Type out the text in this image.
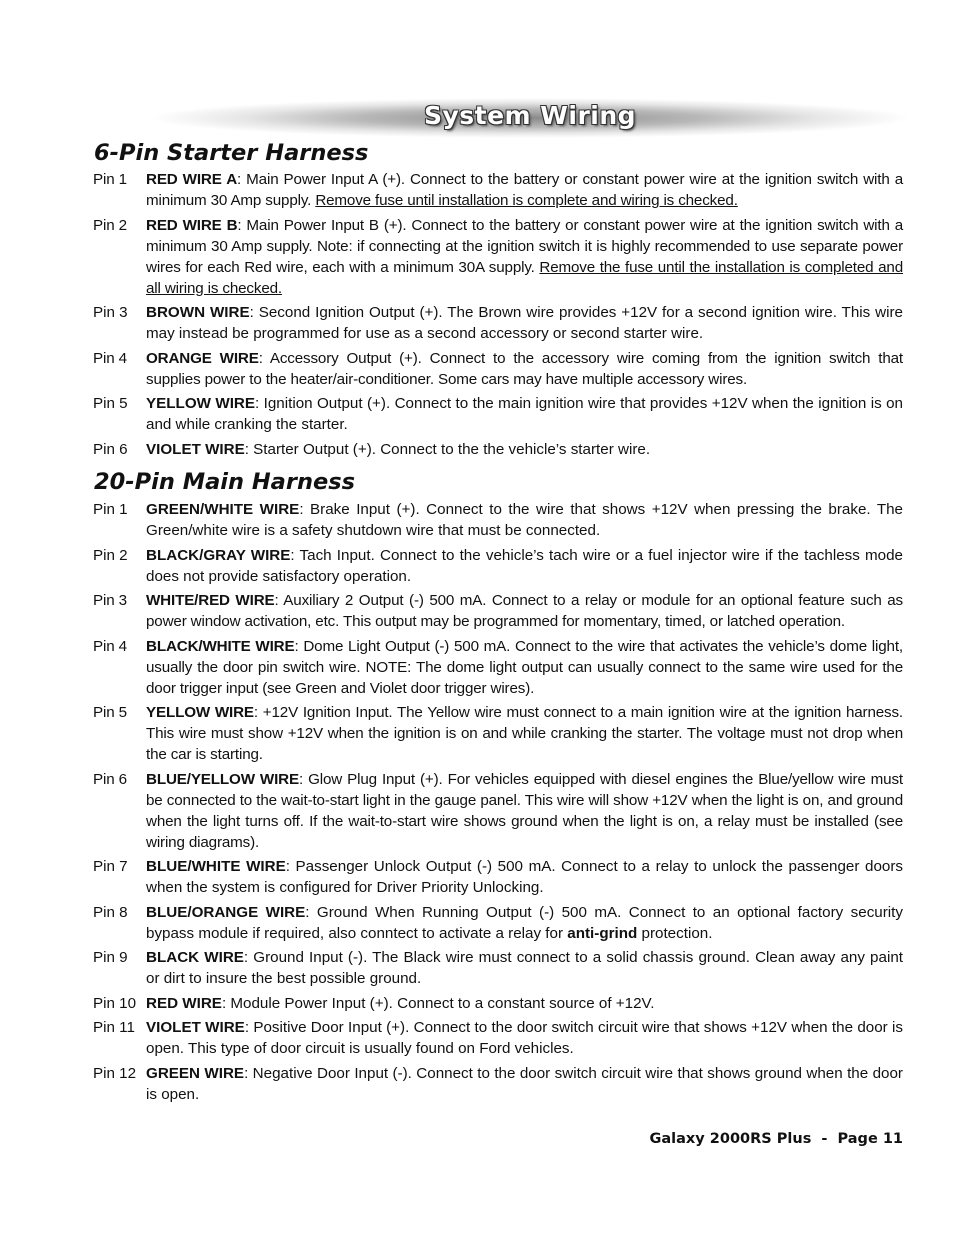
System Wiring
6-Pin Starter Harness
Pin 1	RED WIRE A: Main Power Input A (+). Connect to the battery or constant power wire at the ignition switch with a minimum 30 Amp supply. Remove fuse until installation is complete and wiring is checked.
Pin 2	RED WIRE B: Main Power Input B (+). Connect to the battery or constant power wire at the ignition switch with a minimum 30 Amp supply. Note: if connecting at the ignition switch it is highly recommended to use separate power wires for each Red wire, each with a minimum 30A supply. Remove the fuse until the installation is completed and all wiring is checked.
Pin 3	BROWN WIRE: Second Ignition Output (+). The Brown wire provides +12V for a second ignition wire. This wire may instead be programmed for use as a second accessory or second starter wire.
Pin 4	ORANGE WIRE: Accessory Output (+). Connect to the accessory wire coming from the ignition switch that supplies power to the heater/air-conditioner. Some cars may have multiple accessory wires.
Pin 5	YELLOW WIRE: Ignition Output (+). Connect to the main ignition wire that provides +12V when the ignition is on and while cranking the starter.
Pin 6	VIOLET WIRE: Starter Output (+). Connect to the the vehicle’s starter wire.
20-Pin Main Harness
Pin 1	GREEN/WHITE WIRE: Brake Input (+). Connect to the wire that shows +12V when pressing the brake. The Green/white wire is a safety shutdown wire that must be connected.
Pin 2	BLACK/GRAY WIRE: Tach Input. Connect to the vehicle’s tach wire or a fuel injector wire if the tachless mode does not provide satisfactory operation.
Pin 3	WHITE/RED WIRE: Auxiliary 2 Output (-) 500 mA. Connect to a relay or module for an optional feature such as power window activation, etc. This output may be programmed for momentary, timed, or latched operation.
Pin 4	BLACK/WHITE WIRE: Dome Light Output (-) 500 mA. Connect to the wire that activates the vehicle’s dome light, usually the door pin switch wire. NOTE: The dome light output can usually connect to the same wire used for the door trigger input (see Green and Violet door trigger wires).
Pin 5	YELLOW WIRE: +12V Ignition Input. The Yellow wire must connect to a main ignition wire at the ignition harness. This wire must show +12V when the ignition is on and while cranking the starter. The voltage must not drop when the car is starting.
Pin 6	BLUE/YELLOW WIRE: Glow Plug Input (+). For vehicles equipped with diesel engines the Blue/yellow wire must be connected to the wait-to-start light in the gauge panel. This wire will show +12V when the light is on, and ground when the light turns off. If the wait-to-start wire shows ground when the light is on, a relay must be installed (see wiring diagrams).
Pin 7	BLUE/WHITE WIRE: Passenger Unlock Output (-) 500 mA. Connect to a relay to unlock the passenger doors when the system is configured for Driver Priority Unlocking.
Pin 8	BLUE/ORANGE WIRE: Ground When Running Output (-) 500 mA. Connect to an optional factory security bypass module if required, also conntect to activate a relay for anti-grind protection.
Pin 9	BLACK WIRE: Ground Input (-). The Black wire must connect to a solid chassis ground. Clean away any paint or dirt to insure the best possible ground.
Pin 10 RED WIRE: Module Power Input (+). Connect to a constant source of +12V.
Pin 11 VIOLET WIRE: Positive Door Input (+). Connect to the door switch circuit wire that shows +12V when the door is open. This type of door circuit is usually found on Ford vehicles.
Pin 12 GREEN WIRE: Negative Door Input (-). Connect to the door switch circuit wire that shows ground when the door is open.
Galaxy 2000RS Plus  -  Page 11
